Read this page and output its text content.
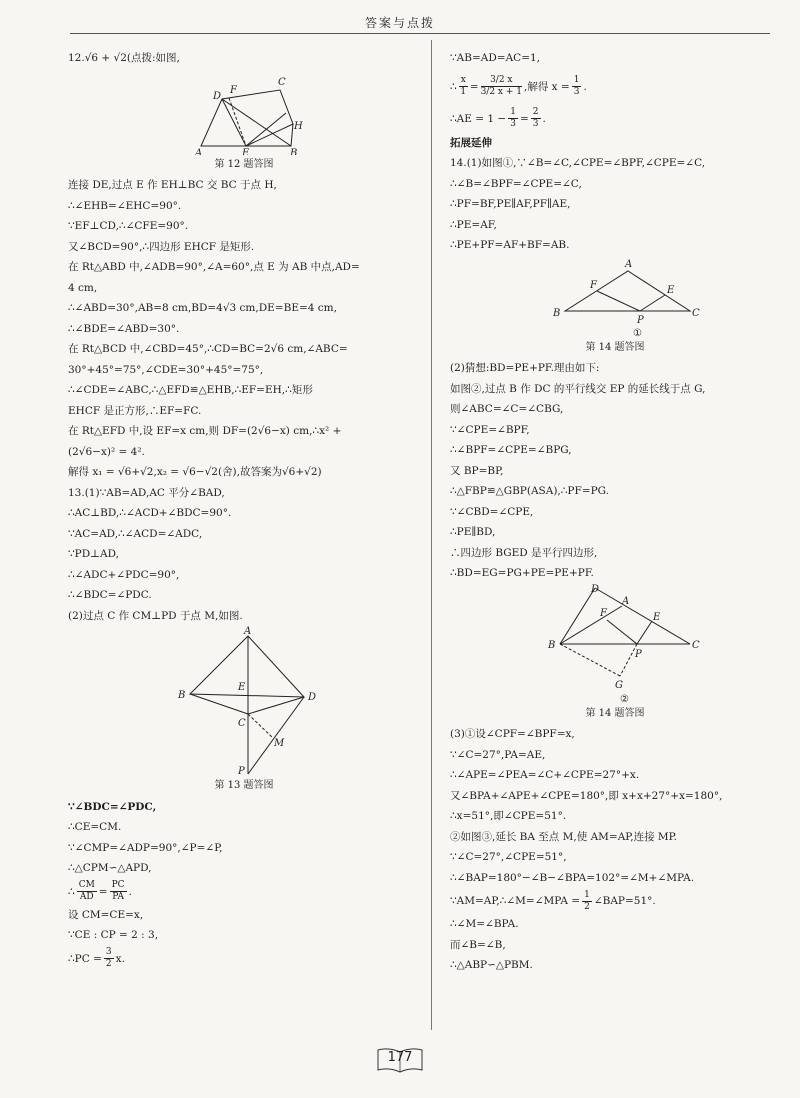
答案与点拨
12.√6 + √2(点拨:如图,
D
F
C
H
A	E	B
第 12 题答图
连接 DE,过点 E 作 EH⊥BC 交 BC 于点 H,
∴∠EHB=∠EHC=90°.
∵EF⊥CD,∴∠CFE=90°.
又∠BCD=90°,∴四边形 EHCF 是矩形.
在 Rt△ABD 中,∠ADB=90°,∠A=60°,点 E 为 AB 中点,AD=
4 cm,
∴∠ABD=30°,AB=8 cm,BD=4√3 cm,DE=BE=4 cm,
∴∠BDE=∠ABD=30°.
在 Rt△BCD 中,∠CBD=45°,∴CD=BC=2√6 cm,∠ABC=
30°+45°=75°,∠CDE=30°+45°=75°,
∴∠CDE=∠ABC,∴△EFD≌△EHB,∴EF=EH,∴矩形
EHCF 是正方形,∴EF=FC.
在 Rt△EFD 中,设 EF=x cm,则 DF=(2√6−x) cm,∴x² +
(2√6−x)² = 4².
解得 x₁ = √6+√2,x₂ = √6−√2(舍),故答案为√6+√2)
13.(1)∵AB=AD,AC 平分∠BAD,
∴AC⊥BD,∴∠ACD+∠BDC=90°.
∵AC=AD,∴∠ACD=∠ADC,
∵PD⊥AD,
∴∠ADC+∠PDC=90°,
∴∠BDC=∠PDC.
(2)过点 C 作 CM⊥PD 于点 M,如图.
A
E
B	D
C
M
P
第 13 题答图
∵∠BDC=∠PDC,
∴CE=CM.
∵∠CMP=∠ADP=90°,∠P=∠P,
∴△CPM∽△APD,
∴ $\frac{CM}{AD} = \frac{PC}{PA}$ .
设 CM=CE=x,
∵CE : CP = 2 : 3,
∴PC = $\frac{3}{2} x$.
∵AB=AD=AC=1,
∴ $\frac{x}{1} = \frac{3/2 x}{3/2 x + 1}$ ,解得 $x = \frac{1}{3}$ .
∴AE = $1 - \frac{1}{3} = \frac{2}{3}$ .
拓展延伸
14.(1)如图①,∵∠B=∠C,∠CPE=∠BPF,∠CPE=∠C,
∴∠B=∠BPF=∠CPE=∠C,
∴PF=BF,PE∥AF,PF∥AE,
∴PE=AF,
∴PE+PF=AF+BF=AB.
A
F	E
B
P
C
①
第 14 题答图
(2)猜想:BD=PE+PF.理由如下:
如图②,过点 B 作 DC 的平行线交 EP 的延长线于点 G,
则∠ABC=∠C=∠CBG,
∵∠CPE=∠BPF,
∴∠BPF=∠CPE=∠BPG,
又 BP=BP,
∴△FBP≌△GBP(ASA),∴PF=PG.
∵∠CBD=∠CPE,
∴PE∥BD,
∴四边形 BGED 是平行四边形,
∴BD=EG=PG+PE=PE+PF.
D
A
F	E
B
P
C
G
②
第 14 题答图
(3)①设∠CPF=∠BPF=x,
∵∠C=27°,PA=AE,
∴∠APE=∠PEA=∠C+∠CPE=27°+x.
又∠BPA+∠APE+∠CPE=180°,即 x+x+27°+x=180°,
∴x=51°,即∠CPE=51°.
②如图③,延长 BA 至点 M,使 AM=AP,连接 MP.
∵∠C=27°,∠CPE=51°,
∴∠BAP=180°−∠B−∠BPA=102°=∠M+∠MPA.
∵AM=AP,∴∠M=∠MPA = $\frac{1}{2}$ ∠BAP=51°.
∴∠M=∠BPA.
而∠B=∠B,
∴△ABP∽△PBM.
177
